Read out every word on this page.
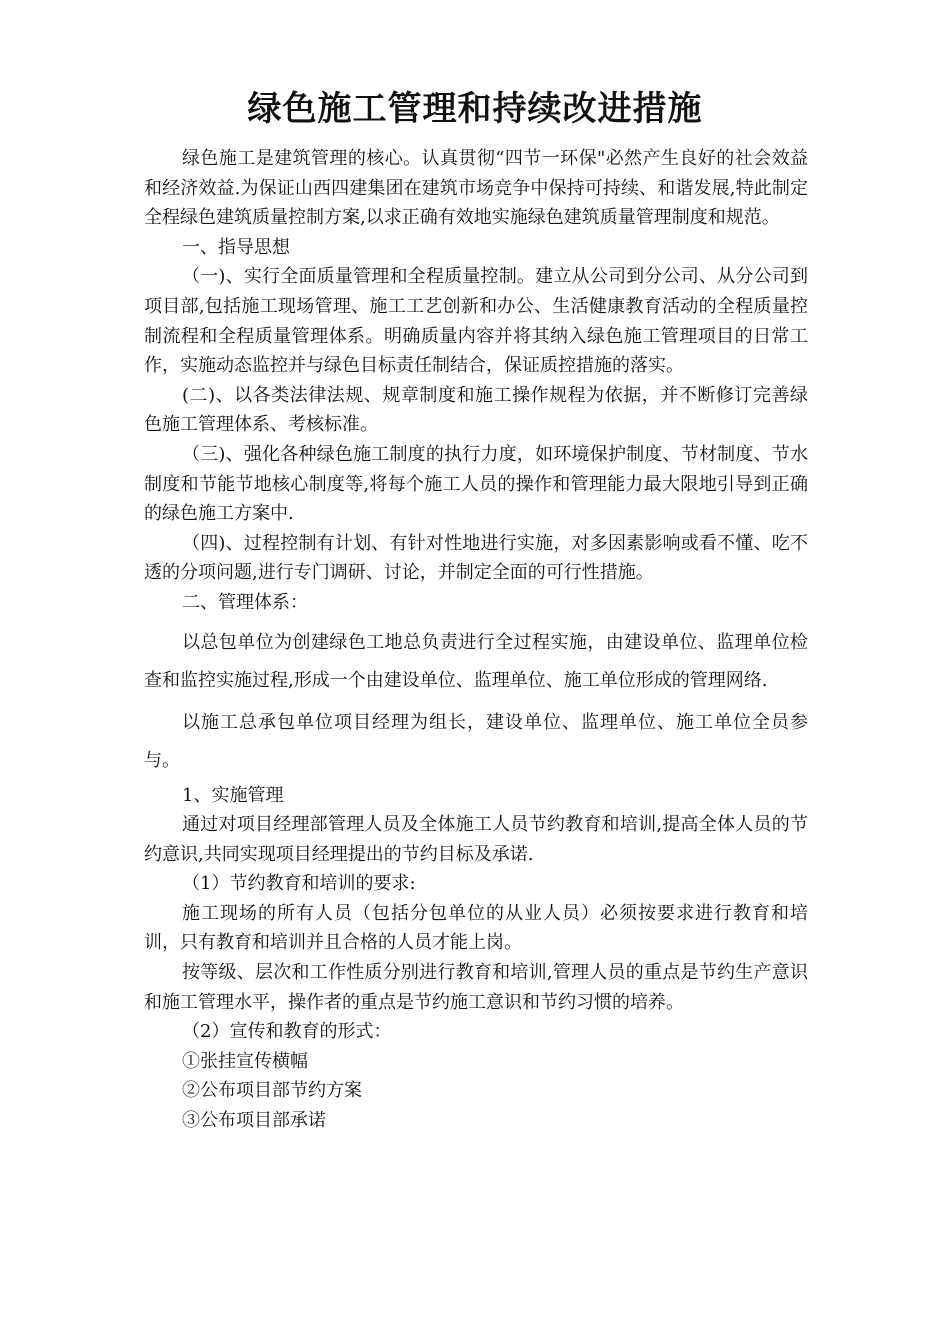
绿色施工管理和持续改进措施

绿色施工是建筑管理的核心。认真贯彻“四节一环保"必然产生良好的社会效益和经济效益.为保证山西四建集团在建筑市场竞争中保持可持续、和谐发展,特此制定全程绿色建筑质量控制方案,以求正确有效地实施绿色建筑质量管理制度和规范。

一、指导思想

（一)、实行全面质量管理和全程质量控制。建立从公司到分公司、从分公司到项目部,包括施工现场管理、施工工艺创新和办公、生活健康教育活动的全程质量控制流程和全程质量管理体系。明确质量内容并将其纳入绿色施工管理项目的日常工作，实施动态监控并与绿色目标责任制结合，保证质控措施的落实。

(二)、以各类法律法规、规章制度和施工操作规程为依据，并不断修订完善绿色施工管理体系、考核标准。

（三)、强化各种绿色施工制度的执行力度，如环境保护制度、节材制度、节水制度和节能节地核心制度等,将每个施工人员的操作和管理能力最大限地引导到正确的绿色施工方案中.

（四)、过程控制有计划、有针对性地进行实施，对多因素影响或看不懂、吃不透的分项问题,进行专门调研、讨论，并制定全面的可行性措施。

二、管理体系：

以总包单位为创建绿色工地总负责进行全过程实施，由建设单位、监理单位检查和监控实施过程,形成一个由建设单位、监理单位、施工单位形成的管理网络.

以施工总承包单位项目经理为组长，建设单位、监理单位、施工单位全员参与。

1、实施管理

通过对项目经理部管理人员及全体施工人员节约教育和培训,提高全体人员的节约意识,共同实现项目经理提出的节约目标及承诺.

（1）节约教育和培训的要求:

施工现场的所有人员（包括分包单位的从业人员）必须按要求进行教育和培训，只有教育和培训并且合格的人员才能上岗。

按等级、层次和工作性质分别进行教育和培训,管理人员的重点是节约生产意识和施工管理水平，操作者的重点是节约施工意识和节约习惯的培养。

（2）宣传和教育的形式：

①张挂宣传横幅

②公布项目部节约方案

③公布项目部承诺
